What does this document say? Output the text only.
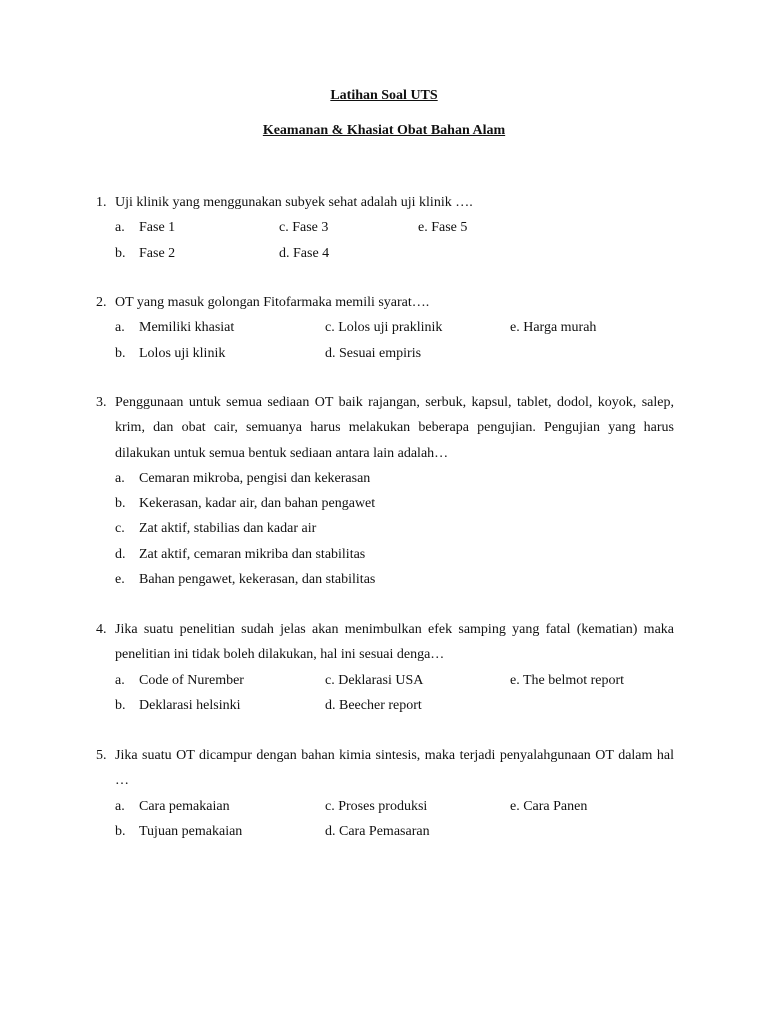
Latihan Soal UTS
Keamanan & Khasiat Obat Bahan Alam
1. Uji klinik yang menggunakan subyek sehat adalah uji klinik ….
a. Fase 1	c. Fase 3	e. Fase 5
b. Fase 2	d. Fase 4
2. OT yang masuk golongan Fitofarmaka memili syarat….
a. Memiliki khasiat	c. Lolos uji praklinik	e. Harga murah
b. Lolos uji klinik	d. Sesuai empiris
3. Penggunaan untuk semua sediaan OT baik rajangan, serbuk, kapsul, tablet, dodol, koyok, salep, krim, dan obat cair, semuanya harus melakukan beberapa pengujian. Pengujian yang harus dilakukan untuk semua bentuk sediaan antara lain adalah…
a. Cemaran mikroba, pengisi dan kekerasan
b. Kekerasan, kadar air, dan bahan pengawet
c. Zat aktif, stabilias dan kadar air
d. Zat aktif, cemaran mikriba dan stabilitas
e. Bahan pengawet, kekerasan, dan stabilitas
4. Jika suatu penelitian sudah jelas akan menimbulkan efek samping yang fatal (kematian) maka penelitian ini tidak boleh dilakukan, hal ini sesuai denga…
a. Code of Nurember	c. Deklarasi USA	e. The belmot report
b. Deklarasi helsinki	d. Beecher report
5. Jika suatu OT dicampur dengan bahan kimia sintesis, maka terjadi penyalahgunaan OT dalam hal …
a. Cara pemakaian	c. Proses produksi	e. Cara Panen
b. Tujuan pemakaian	d. Cara Pemasaran
